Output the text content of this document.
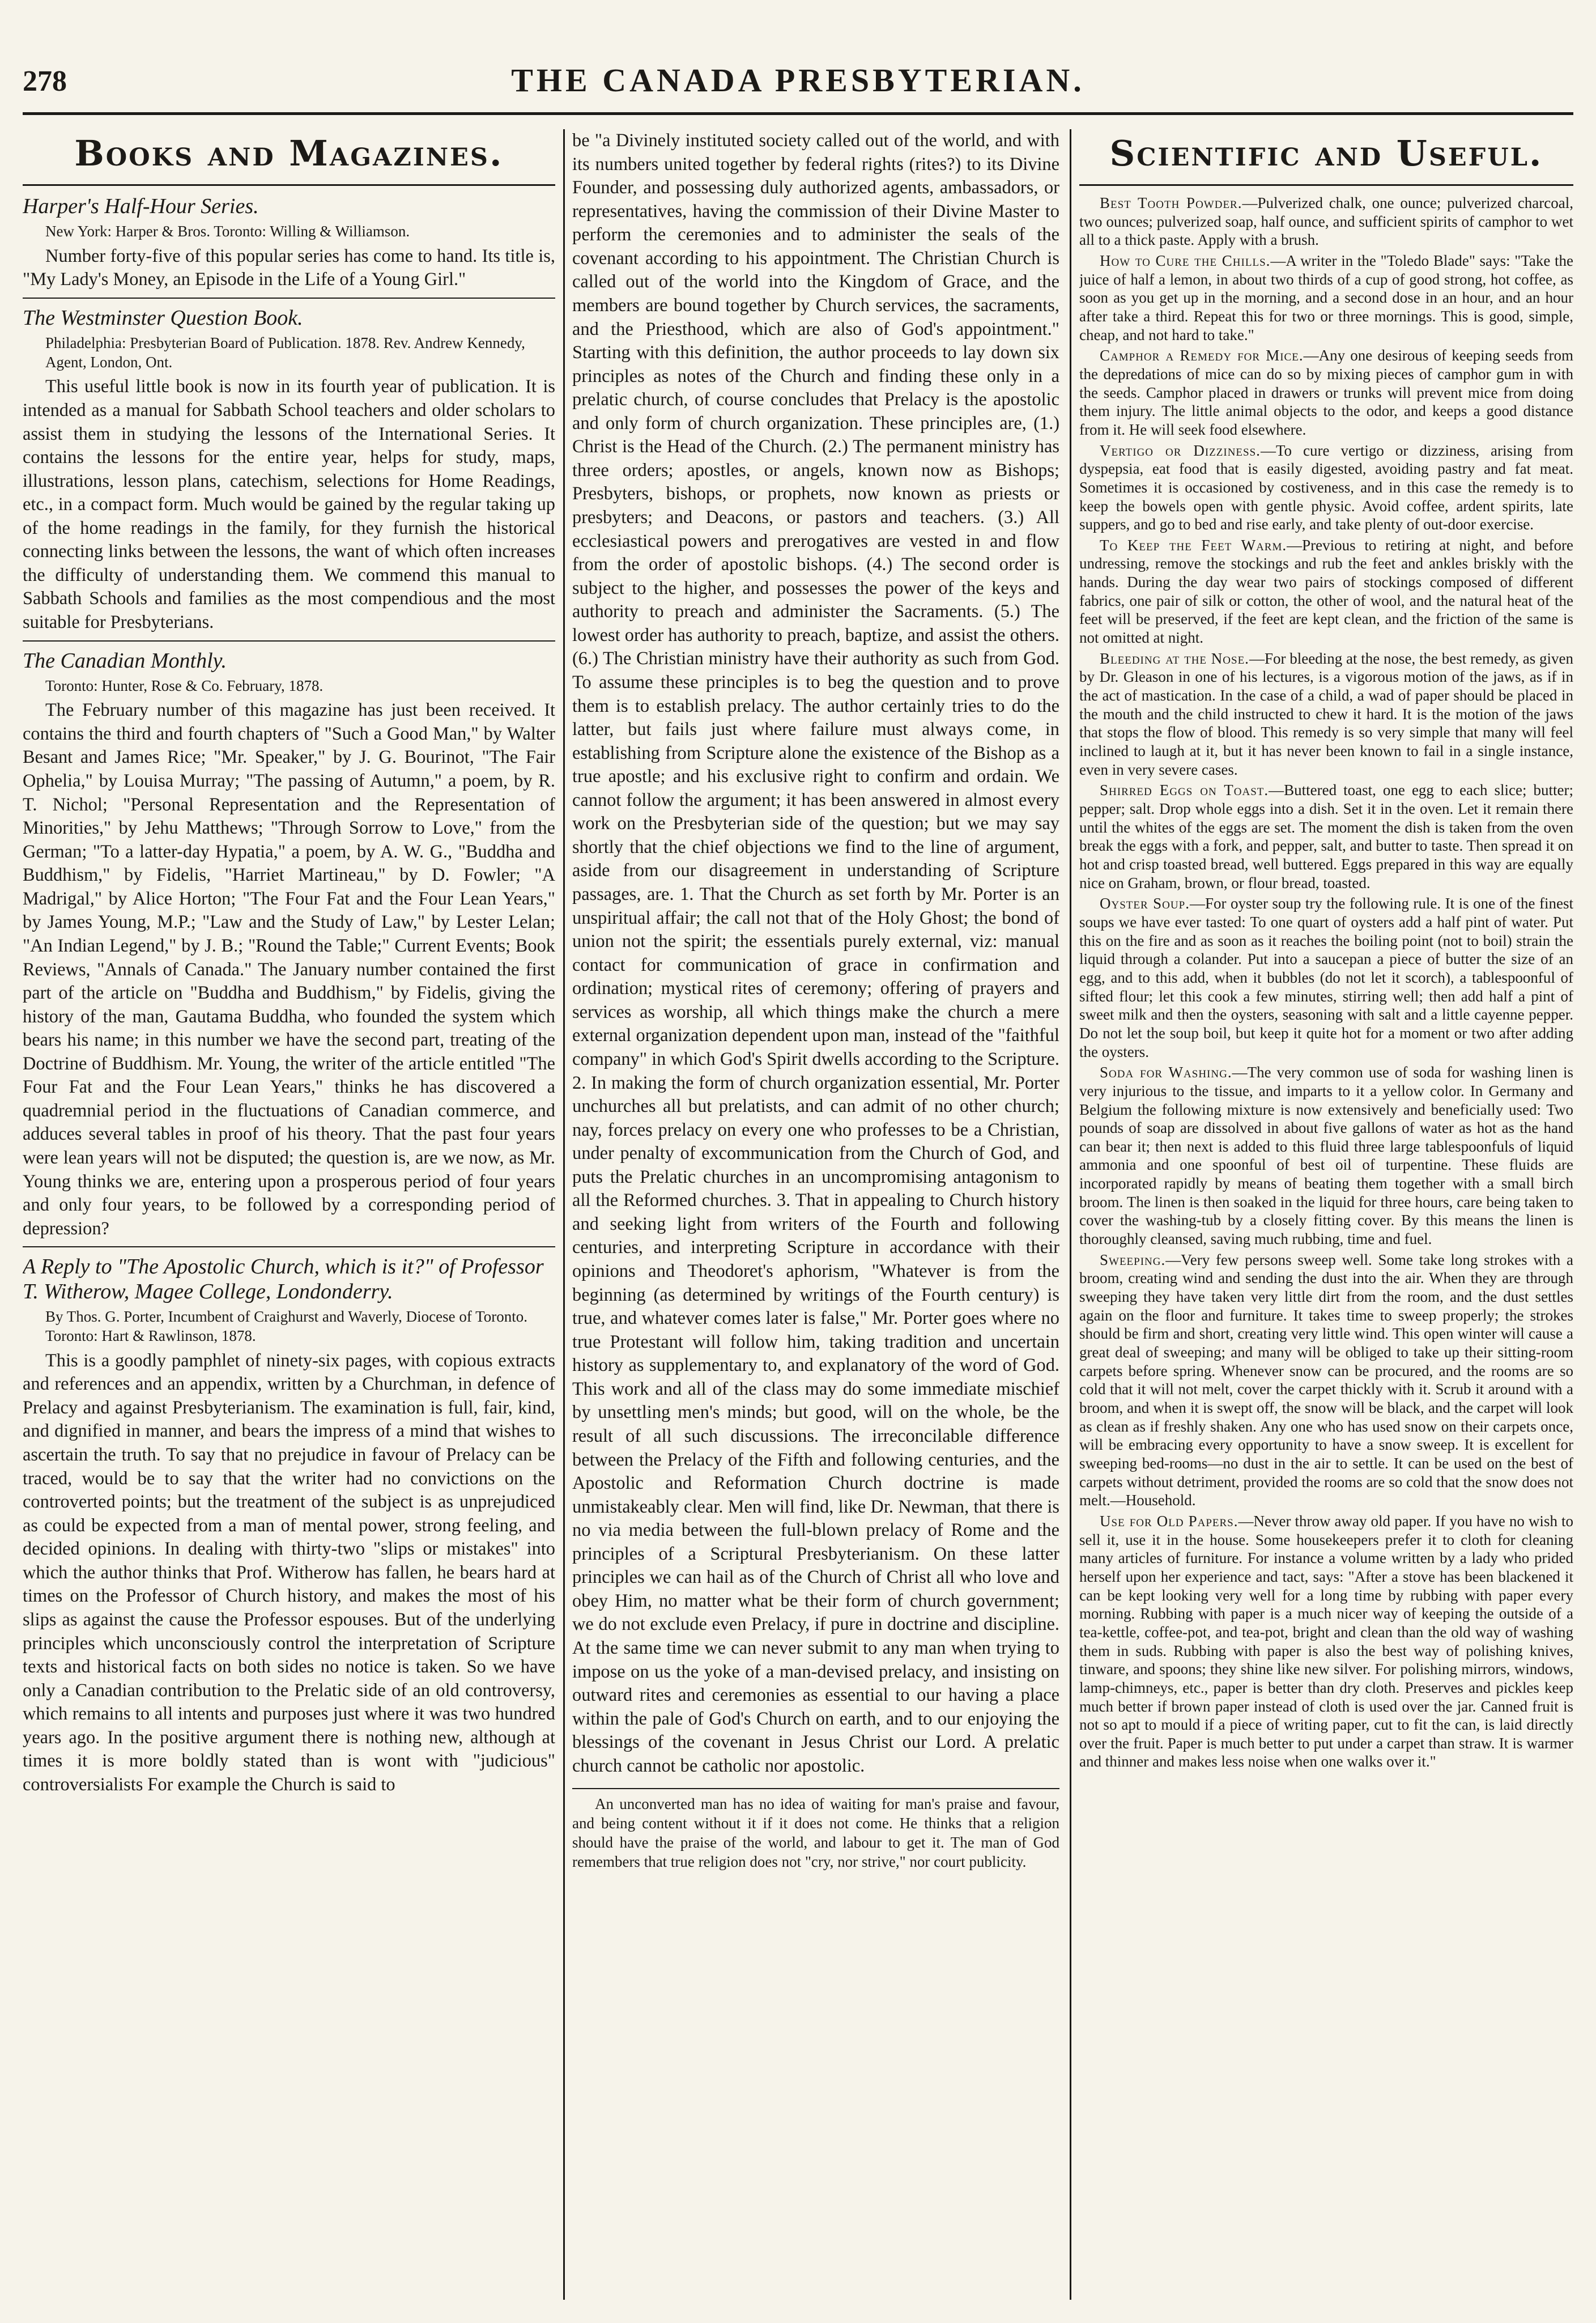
278	THE CANADA PRESBYTERIAN.
Books and Magazines.
Harper's Half-Hour Series.
New York: Harper & Bros. Toronto: Willing & Williamson.

Number forty-five of this popular series has come to hand. Its title is, "My Lady's Money, an Episode in the Life of a Young Girl."

The Westminster Question Book.
Philadelphia: Presbyterian Board of Publication. 1878. Rev. Andrew Kennedy, Agent, London, Ont.

This useful little book is now in its fourth year of publication. It is intended as a manual for Sabbath School teachers and older scholars to assist them in studying the lessons of the International Series. It contains the lessons for the entire year, helps for study, maps, illustrations, lesson plans, catechism, selections for Home Readings, etc., in a compact form. Much would be gained by the regular taking up of the home readings in the family, for they furnish the historical connecting links between the lessons, the want of which often increases the difficulty of understanding them. We commend this manual to Sabbath Schools and families as the most compendious and the most suitable for Presbyterians.

The Canadian Monthly.
Toronto: Hunter, Rose & Co. February, 1878.

The February number of this magazine has just been received. It contains the third and fourth chapters of "Such a Good Man," by Walter Besant and James Rice; "Mr. Speaker," by J. G. Bourinot, "The Fair Ophelia," by Louisa Murray; "The passing of Autumn," a poem, by R. T. Nichol; "Personal Representation and the Representation of Minorities," by Jehu Matthews; "Through Sorrow to Love," from the German; "To a latter-day Hypatia," a poem, by A. W. G., "Buddha and Buddhism," by Fidelis, "Harriet Martineau," by D. Fowler; "A Madrigal," by Alice Horton; "The Four Fat and the Four Lean Years," by James Young, M.P.; "Law and the Study of Law," by Lester Lelan; "An Indian Legend," by J. B.; "Round the Table;" Current Events; Book Reviews, "Annals of Canada." The January number contained the first part of the article on "Buddha and Buddhism," by Fidelis, giving the history of the man, Gautama Buddha, who founded the system which bears his name; in this number we have the second part, treating of the Doctrine of Buddhism. Mr. Young, the writer of the article entitled "The Four Fat and the Four Lean Years," thinks he has discovered a quadremnial period in the fluctuations of Canadian commerce, and adduces several tables in proof of his theory. That the past four years were lean years will not be disputed; the question is, are we now, as Mr. Young thinks we are, entering upon a prosperous period of four years and only four years, to be followed by a corresponding period of depression?

A Reply to "The Apostolic Church, which is it?" of Professor T. Witherow, Magee College, Londonderry.
By Thos. G. Porter, Incumbent of Craighurst and Waverly, Diocese of Toronto. Toronto: Hart & Rawlinson, 1878.

This is a goodly pamphlet of ninety-six pages, with copious extracts and references and an appendix, written by a Churchman, in defence of Prelacy and against Presbyterianism. The examination is full, fair, kind, and dignified in manner, and bears the impress of a mind that wishes to ascertain the truth. To say that no prejudice in favour of Prelacy can be traced, would be to say that the writer had no convictions on the controverted points; but the treatment of the subject is as unprejudiced as could be expected from a man of mental power, strong feeling, and decided opinions. In dealing with thirty-two "slips or mistakes" into which the author thinks that Prof. Witherow has fallen, he bears hard at times on the Professor of Church history, and makes the most of his slips as against the cause the Professor espouses. But of the underlying principles which unconsciously control the interpretation of Scripture texts and historical facts on both sides no notice is taken. So we have only a Canadian contribution to the Prelatic side of an old controversy, which remains to all intents and purposes just where it was two hundred years ago. In the positive argument there is nothing new, although at times it is more boldly stated than is wont with "judicious" controversialists For example the Church is said to

be "a Divinely instituted society called out of the world, and with its numbers united together by federal rights (rites?) to its Divine Founder, and possessing duly authorized agents, ambassadors, or representatives, having the commission of their Divine Master to perform the ceremonies and to administer the seals of the covenant according to his appointment. The Christian Church is called out of the world into the Kingdom of Grace, and the members are bound together by Church services, the sacraments, and the Priesthood, which are also of God's appointment." Starting with this definition, the author proceeds to lay down six principles as notes of the Church and finding these only in a prelatic church, of course concludes that Prelacy is the apostolic and only form of church organization. These principles are, (1.) Christ is the Head of the Church. (2.) The permanent ministry has three orders; apostles, or angels, known now as Bishops; Presbyters, bishops, or prophets, now known as priests or presbyters; and Deacons, or pastors and teachers. (3.) All ecclesiastical powers and prerogatives are vested in and flow from the order of apostolic bishops. (4.) The second order is subject to the higher, and possesses the power of the keys and authority to preach and administer the Sacraments. (5.) The lowest order has authority to preach, baptize, and assist the others. (6.) The Christian ministry have their authority as such from God. To assume these principles is to beg the question and to prove them is to establish prelacy. The author certainly tries to do the latter, but fails just where failure must always come, in establishing from Scripture alone the existence of the Bishop as a true apostle; and his exclusive right to confirm and ordain. We cannot follow the argument; it has been answered in almost every work on the Presbyterian side of the question; but we may say shortly that the chief objections we find to the line of argument, aside from our disagreement in understanding of Scripture passages, are. 1. That the Church as set forth by Mr. Porter is an unspiritual affair; the call not that of the Holy Ghost; the bond of union not the spirit; the essentials purely external, viz: manual contact for communication of grace in confirmation and ordination; mystical rites of ceremony; offering of prayers and services as worship, all which things make the church a mere external organization dependent upon man, instead of the "faithful company" in which God's Spirit dwells according to the Scripture. 2. In making the form of church organization essential, Mr. Porter unchurches all but prelatists, and can admit of no other church; nay, forces prelacy on every one who professes to be a Christian, under penalty of excommunication from the Church of God, and puts the Prelatic churches in an uncompromising antagonism to all the Reformed churches. 3. That in appealing to Church history and seeking light from writers of the Fourth and following centuries, and interpreting Scripture in accordance with their opinions and Theodoret's aphorism, "Whatever is from the beginning (as determined by writings of the Fourth century) is true, and whatever comes later is false," Mr. Porter goes where no true Protestant will follow him, taking tradition and uncertain history as supplementary to, and explanatory of the word of God. This work and all of the class may do some immediate mischief by unsettling men's minds; but good, will on the whole, be the result of all such discussions. The irreconcilable difference between the Prelacy of the Fifth and following centuries, and the Apostolic and Reformation Church doctrine is made unmistakeably clear. Men will find, like Dr. Newman, that there is no via media between the full-blown prelacy of Rome and the principles of a Scriptural Presbyterianism. On these latter principles we can hail as of the Church of Christ all who love and obey Him, no matter what be their form of church government; we do not exclude even Prelacy, if pure in doctrine and discipline. At the same time we can never submit to any man when trying to impose on us the yoke of a man-devised prelacy, and insisting on outward rites and ceremonies as essential to our having a place within the pale of God's Church on earth, and to our enjoying the blessings of the covenant in Jesus Christ our Lord. A prelatic church cannot be catholic nor apostolic.

An unconverted man has no idea of waiting for man's praise and favour, and being content without it if it does not come. He thinks that a religion should have the praise of the world, and labour to get it. The man of God remembers that true religion does not "cry, nor strive," nor court publicity.

Scientific and Useful.

Best Tooth Powder.—Pulverized chalk, one ounce; pulverized charcoal, two ounces; pulverized soap, half ounce, and sufficient spirits of camphor to wet all to a thick paste. Apply with a brush.

How to Cure the Chills.—A writer in the "Toledo Blade" says: "Take the juice of half a lemon, in about two thirds of a cup of good strong, hot coffee, as soon as you get up in the morning, and a second dose in an hour, and an hour after take a third. Repeat this for two or three mornings. This is good, simple, cheap, and not hard to take."

Camphor a Remedy for Mice.—Any one desirous of keeping seeds from the depredations of mice can do so by mixing pieces of camphor gum in with the seeds. Camphor placed in drawers or trunks will prevent mice from doing them injury. The little animal objects to the odor, and keeps a good distance from it. He will seek food elsewhere.

Vertigo or Dizziness.—To cure vertigo or dizziness, arising from dyspepsia, eat food that is easily digested, avoiding pastry and fat meat. Sometimes it is occasioned by costiveness, and in this case the remedy is to keep the bowels open with gentle physic. Avoid coffee, ardent spirits, late suppers, and go to bed and rise early, and take plenty of out-door exercise.

To Keep the Feet Warm.—Previous to retiring at night, and before undressing, remove the stockings and rub the feet and ankles briskly with the hands. During the day wear two pairs of stockings composed of different fabrics, one pair of silk or cotton, the other of wool, and the natural heat of the feet will be preserved, if the feet are kept clean, and the friction of the same is not omitted at night.

Bleeding at the Nose.—For bleeding at the nose, the best remedy, as given by Dr. Gleason in one of his lectures, is a vigorous motion of the jaws, as if in the act of mastication. In the case of a child, a wad of paper should be placed in the mouth and the child instructed to chew it hard. It is the motion of the jaws that stops the flow of blood. This remedy is so very simple that many will feel inclined to laugh at it, but it has never been known to fail in a single instance, even in very severe cases.

Shirred Eggs on Toast.—Buttered toast, one egg to each slice; butter; pepper; salt. Drop whole eggs into a dish. Set it in the oven. Let it remain there until the whites of the eggs are set. The moment the dish is taken from the oven break the eggs with a fork, and pepper, salt, and butter to taste. Then spread it on hot and crisp toasted bread, well buttered. Eggs prepared in this way are equally nice on Graham, brown, or flour bread, toasted.

Oyster Soup.—For oyster soup try the following rule. It is one of the finest soups we have ever tasted: To one quart of oysters add a half pint of water. Put this on the fire and as soon as it reaches the boiling point (not to boil) strain the liquid through a colander. Put into a saucepan a piece of butter the size of an egg, and to this add, when it bubbles (do not let it scorch), a tablespoonful of sifted flour; let this cook a few minutes, stirring well; then add half a pint of sweet milk and then the oysters, seasoning with salt and a little cayenne pepper. Do not let the soup boil, but keep it quite hot for a moment or two after adding the oysters.

Soda for Washing.—The very common use of soda for washing linen is very injurious to the tissue, and imparts to it a yellow color. In Germany and Belgium the following mixture is now extensively and beneficially used: Two pounds of soap are dissolved in about five gallons of water as hot as the hand can bear it; then next is added to this fluid three large tablespoonfuls of liquid ammonia and one spoonful of best oil of turpentine. These fluids are incorporated rapidly by means of beating them together with a small birch broom. The linen is then soaked in the liquid for three hours, care being taken to cover the washing-tub by a closely fitting cover. By this means the linen is thoroughly cleansed, saving much rubbing, time and fuel.

Sweeping.—Very few persons sweep well. Some take long strokes with a broom, creating wind and sending the dust into the air. When they are through sweeping they have taken very little dirt from the room, and the dust settles again on the floor and furniture. It takes time to sweep properly; the strokes should be firm and short, creating very little wind. This open winter will cause a great deal of sweeping; and many will be obliged to take up their sitting-room carpets before spring. Whenever snow can be procured, and the rooms are so cold that it will not melt, cover the carpet thickly with it. Scrub it around with a broom, and when it is swept off, the snow will be black, and the carpet will look as clean as if freshly shaken. Any one who has used snow on their carpets once, will be embracing every opportunity to have a snow sweep. It is excellent for sweeping bed-rooms—no dust in the air to settle. It can be used on the best of carpets without detriment, provided the rooms are so cold that the snow does not melt.—Household.

Use for Old Papers.—Never throw away old paper. If you have no wish to sell it, use it in the house. Some housekeepers prefer it to cloth for cleaning many articles of furniture. For instance a volume written by a lady who prided herself upon her experience and tact, says: "After a stove has been blackened it can be kept looking very well for a long time by rubbing with paper every morning. Rubbing with paper is a much nicer way of keeping the outside of a tea-kettle, coffee-pot, and tea-pot, bright and clean than the old way of washing them in suds. Rubbing with paper is also the best way of polishing knives, tinware, and spoons; they shine like new silver. For polishing mirrors, windows, lamp-chimneys, etc., paper is better than dry cloth. Preserves and pickles keep much better if brown paper instead of cloth is used over the jar. Canned fruit is not so apt to mould if a piece of writing paper, cut to fit the can, is laid directly over the fruit. Paper is much better to put under a carpet than straw. It is warmer and thinner and makes less noise when one walks over it."
